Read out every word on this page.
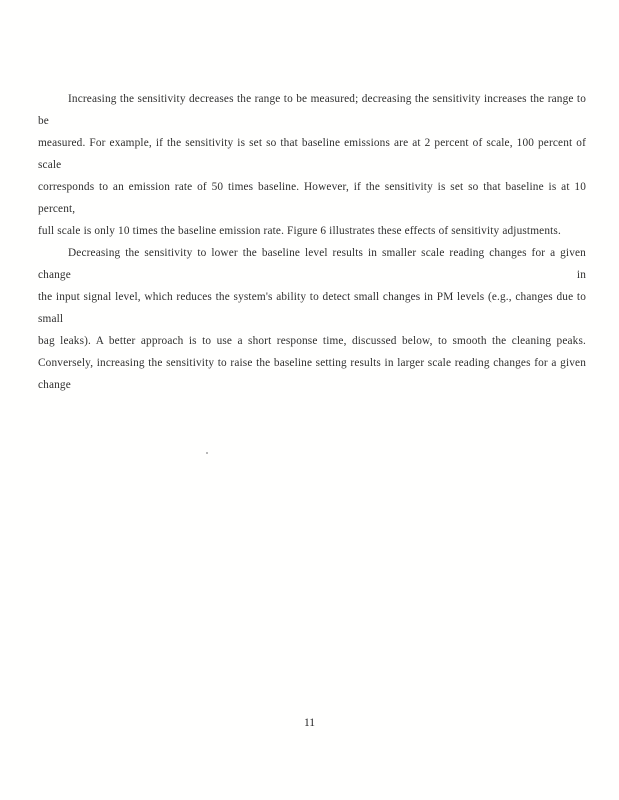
Increasing the sensitivity decreases the range to be measured; decreasing the sensitivity increases the range to be
measured. For example, if the sensitivity is set so that baseline emissions are at 2 percent of scale, 100 percent of scale
corresponds to an emission rate of 50 times baseline. However, if the sensitivity is set so that baseline is at 10 percent,
full scale is only 10 times the baseline emission rate. Figure 6 illustrates these effects of sensitivity adjustments.
Decreasing the sensitivity to lower the baseline level results in smaller scale reading changes for a given change in
the input signal level, which reduces the system's ability to detect small changes in PM levels (e.g., changes due to small
bag leaks). A better approach is to use a short response time, discussed below, to smooth the cleaning peaks.
Conversely, increasing the sensitivity to raise the baseline setting results in larger scale reading changes for a given
change
11
